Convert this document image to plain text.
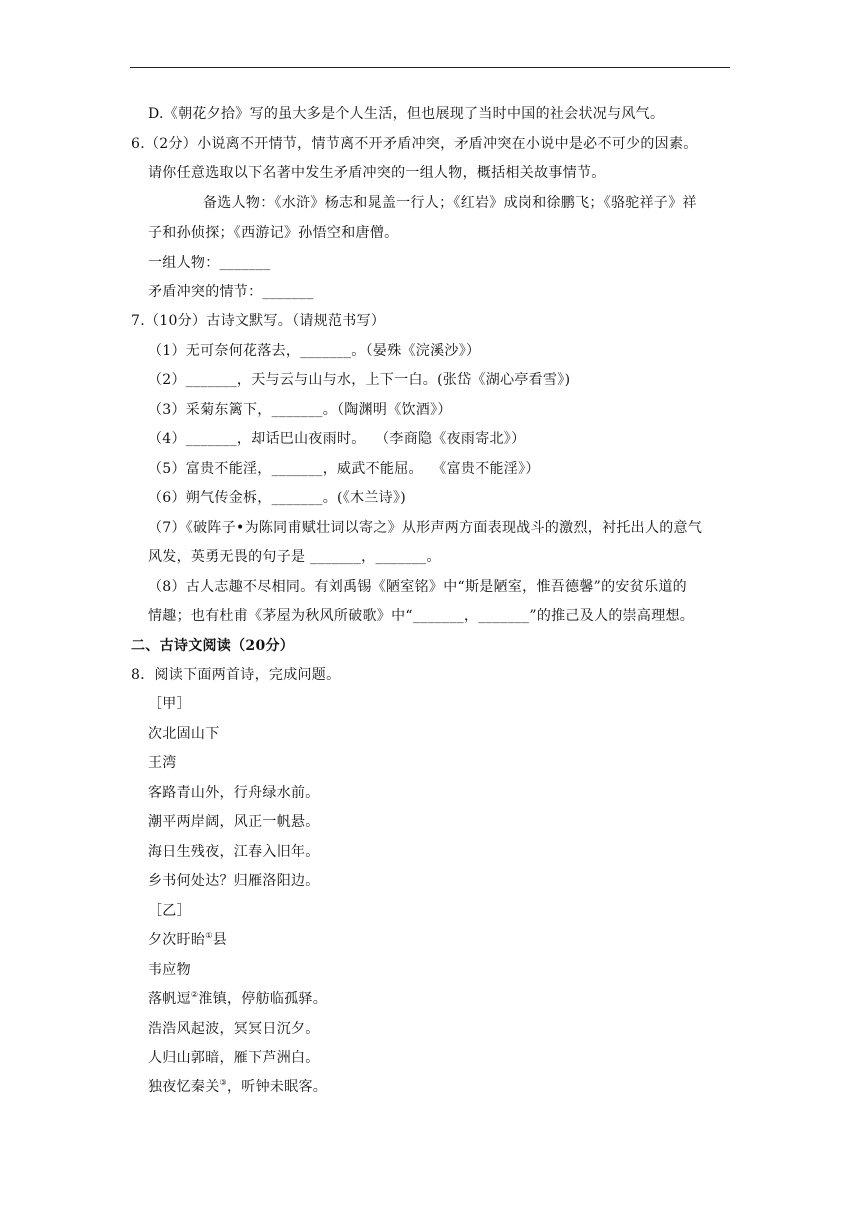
D.《朝花夕拾》写的虽大多是个人生活，但也展现了当时中国的社会状况与风气。
6.（2分）小说离不开情节，情节离不开矛盾冲突，矛盾冲突在小说中是必不可少的因素。
请你任意选取以下名著中发生矛盾冲突的一组人物，概括相关故事情节。
备选人物：《水浒》杨志和晁盖一行人；《红岩》成岗和徐鹏飞；《骆驼祥子》祥
子和孙侦探；《西游记》孙悟空和唐僧。
一组人物：_______
矛盾冲突的情节：_______
7.（10分）古诗文默写。（请规范书写）
（1）无可奈何花落去，_______。（晏殊《浣溪沙》）
（2）_______，天与云与山与水，上下一白。(张岱《湖心亭看雪》)
（3）采菊东篱下，_______。（陶渊明《饮酒》）
（4）_______，却话巴山夜雨时。  （李商隐《夜雨寄北》）
（5）富贵不能淫，_______，威武不能屈。  《富贵不能淫》）
（6）朔气传金柝，_______。(《木兰诗》)
（7）《破阵子•为陈同甫赋壮词以寄之》从形声两方面表现战斗的激烈，衬托出人的意气
风发，英勇无畏的句子是 _______，_______。
（8）古人志趣不尽相同。有刘禹锡《陋室铭》中“斯是陋室，惟吾德馨”的安贫乐道的
情趣；也有杜甫《茅屋为秋风所破歌》中“_______，_______”的推己及人的崇高理想。
二、古诗文阅读（20分）
8．阅读下面两首诗，完成问题。
［甲］
次北固山下
王湾
客路青山外，行舟绿水前。
潮平两岸阔，风正一帆悬。
海日生残夜，江春入旧年。
乡书何处达？归雁洛阳边。
［乙］
夕次盱眙①县
韦应物
落帆逗②淮镇，停舫临孤驿。
浩浩风起波，冥冥日沉夕。
人归山郭暗，雁下芦洲白。
独夜忆秦关③，听钟未眠客。
